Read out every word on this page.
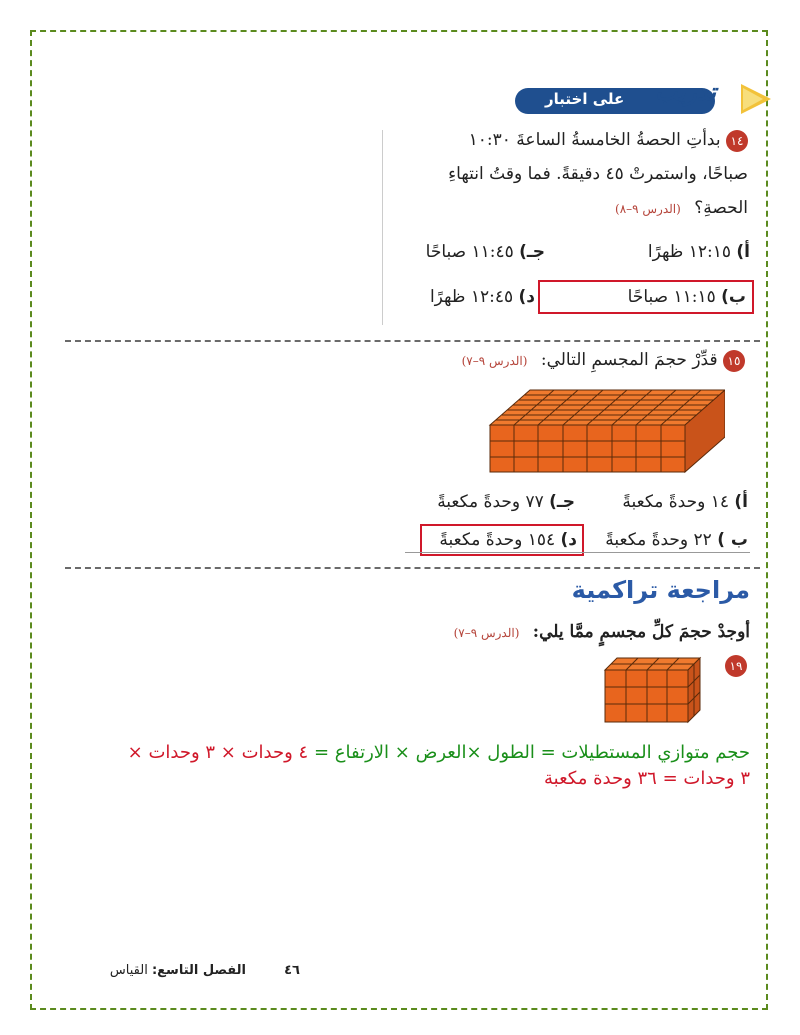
تدريب
على اختبار
١٤ بدأتِ الحصةُ الخامسةُ الساعةَ ١٠:٣٠
صباحًا، واستمرتْ ٤٥ دقيقةً. فما وقتُ انتهاءِ
الحصةِ؟ (الدرس ٩–٨)
أ) ١٢:١٥ ظهرًا
جـ) ١١:٤٥ صباحًا
ب) ١١:١٥ صباحًا
د) ١٢:٤٥ ظهرًا
١٥ قدِّرْ حجمَ المجسمِ التالي: (الدرس ٩–٧)
أ) ١٤ وحدةً مكعبةً
جـ) ٧٧ وحدةً مكعبةً
ب ) ٢٢ وحدةً مكعبةً
د) ١٥٤ وحدةً مكعبةً
مراجعة تراكمية
أوجدْ حجمَ كلِّ مجسمٍ ممَّا يلي: (الدرس ٩–٧)
١٩
حجم متوازي المستطيلات = الطول ×العرض × الارتفاع = ٤ وحدات × ٣ وحدات ×
٣ وحدات = ٣٦ وحدة مكعبة
٤٦ الفصل التاسع: القياس
